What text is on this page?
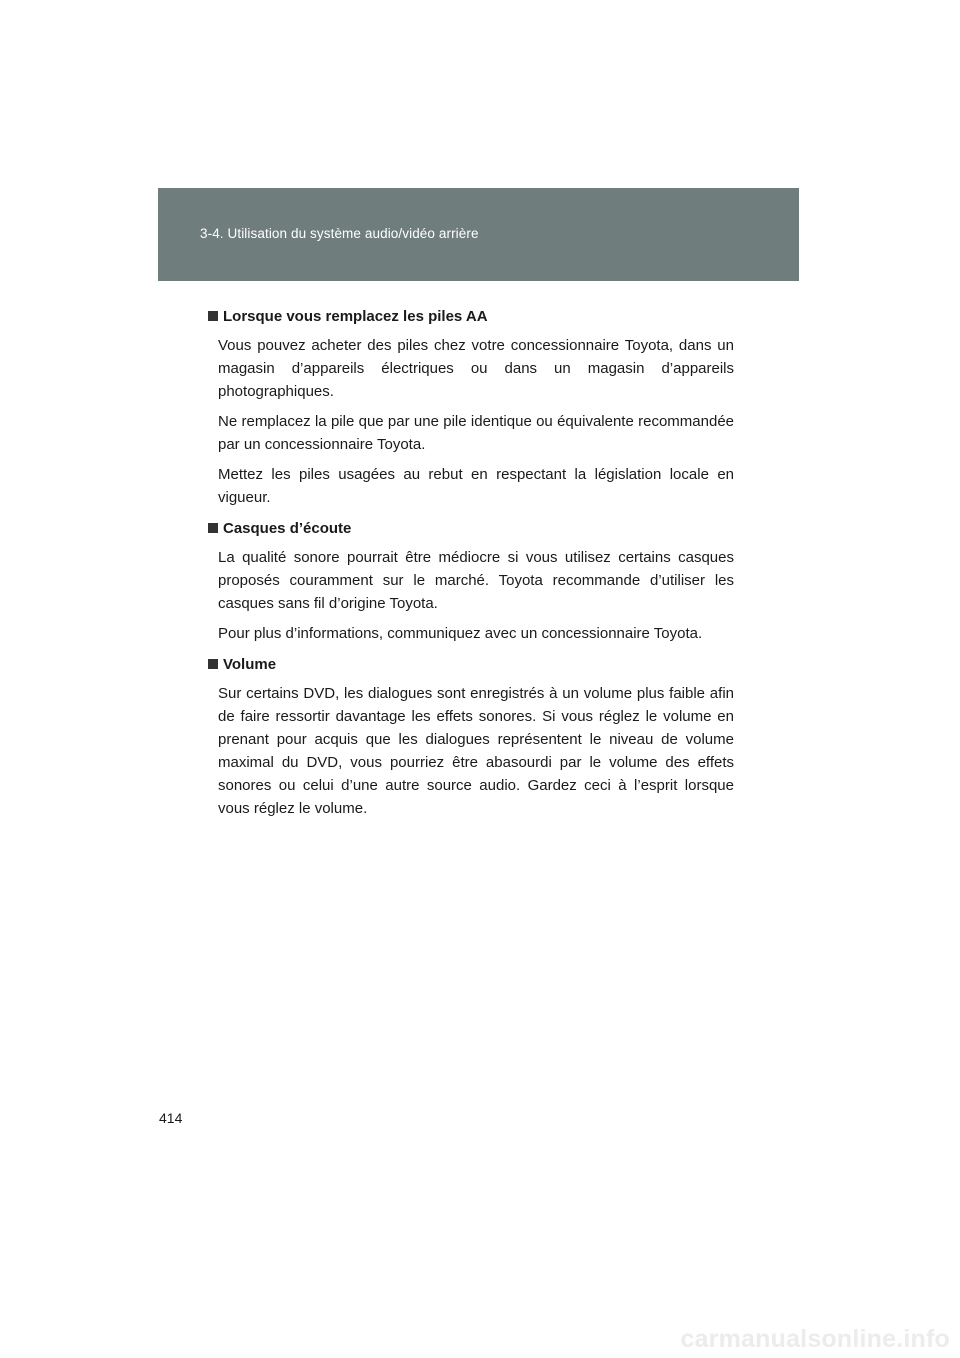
3-4. Utilisation du système audio/vidéo arrière
Lorsque vous remplacez les piles AA

Vous pouvez acheter des piles chez votre concessionnaire Toyota, dans un magasin d’appareils électriques ou dans un magasin d’appareils photographiques.

Ne remplacez la pile que par une pile identique ou équivalente recommandée par un concessionnaire Toyota.

Mettez les piles usagées au rebut en respectant la législation locale en vigueur.

Casques d’écoute

La qualité sonore pourrait être médiocre si vous utilisez certains casques proposés couramment sur le marché. Toyota recommande d’utiliser les casques sans fil d’origine Toyota.

Pour plus d’informations, communiquez avec un concessionnaire Toyota.

Volume

Sur certains DVD, les dialogues sont enregistrés à un volume plus faible afin de faire ressortir davantage les effets sonores. Si vous réglez le volume en prenant pour acquis que les dialogues représentent le niveau de volume maximal du DVD, vous pourriez être abasourdi par le volume des effets sonores ou celui d’une autre source audio. Gardez ceci à l’esprit lorsque vous réglez le volume.

414
carmanualsonline.info
